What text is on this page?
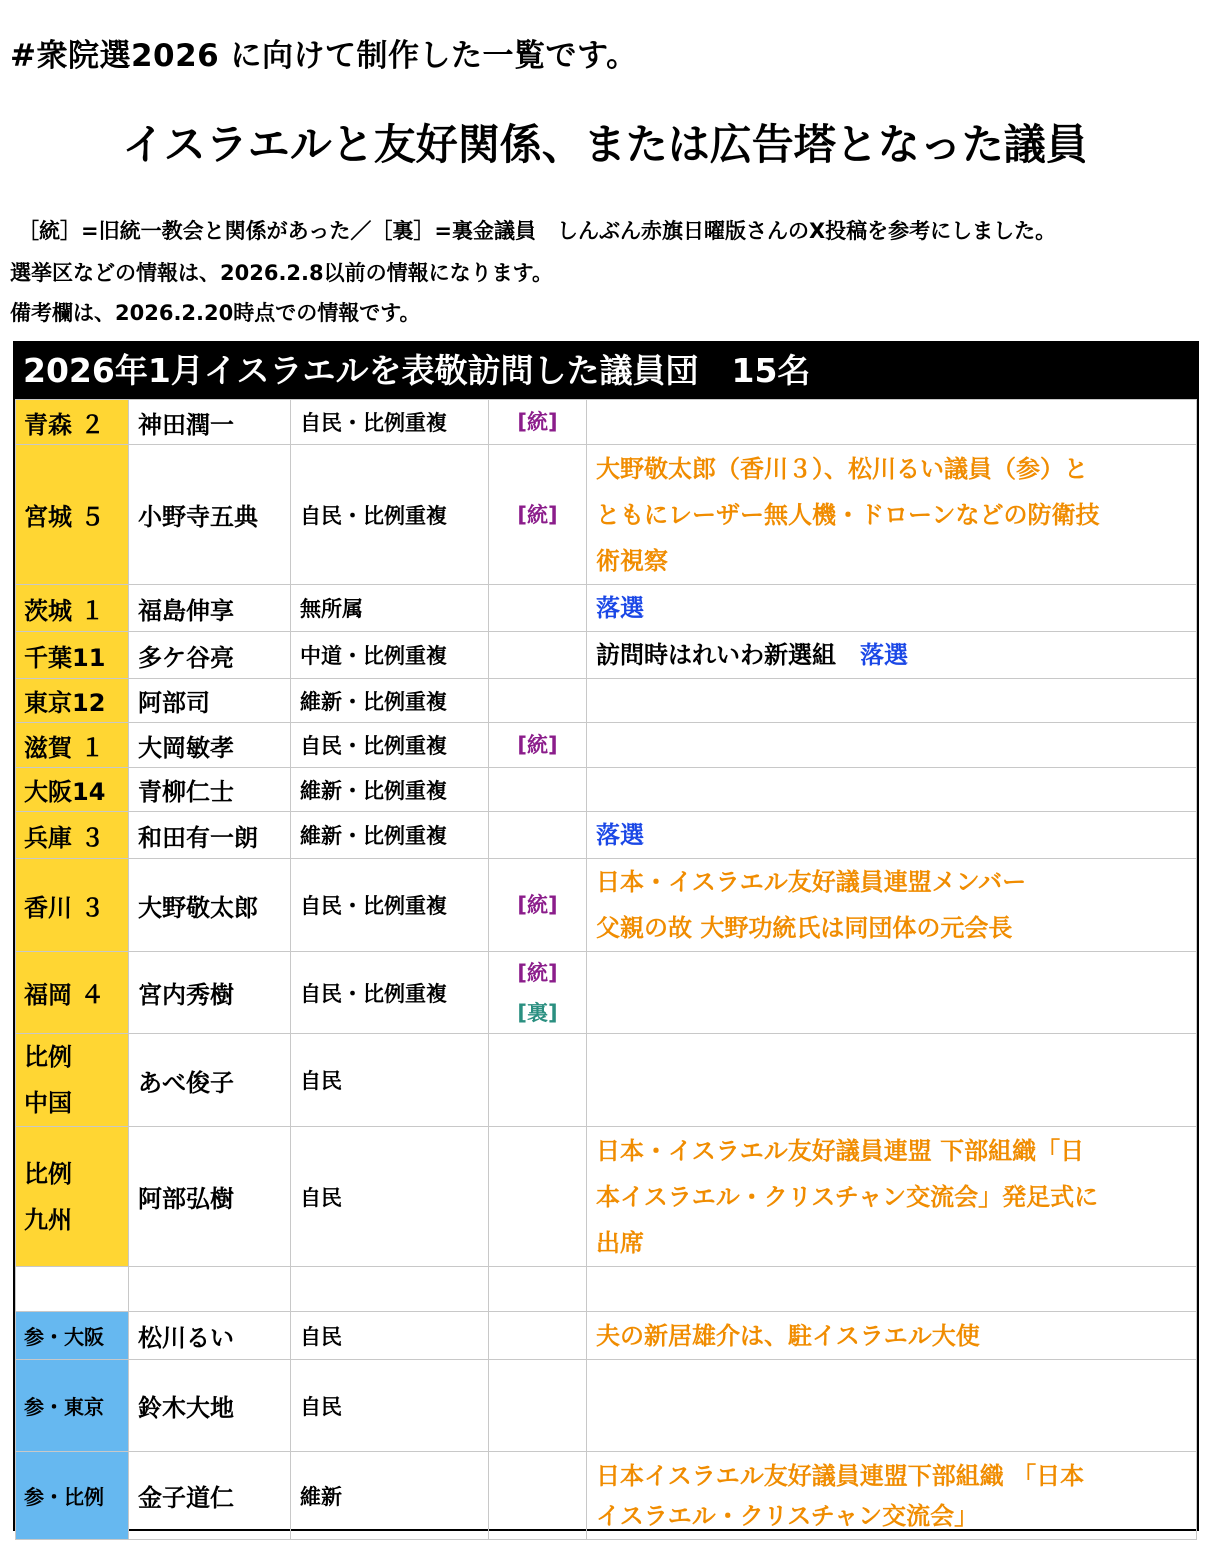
#衆院選2026 に向けて制作した一覧です。
イスラエルと友好関係、または広告塔となった議員
［統］=旧統一教会と関係があった／［裏］=裏金議員　しんぶん赤旗日曜版さんのX投稿を参考にしました。
選挙区などの情報は、2026.2.8以前の情報になります。
備考欄は、2026.2.20時点での情報です。
2026年1月イスラエルを表敬訪問した議員団　15名
青森 ２	神田潤一	自民・比例重複	[統]	

宮城 ５	小野寺五典	自民・比例重複	[統]	大野敬太郎（香川３）、松川るい議員（参）と
ともにレーザー無人機・ドローンなどの防衛技
術視察

茨城 １	福島伸享	無所属		落選
千葉11	多ケ谷亮	中道・比例重複		訪問時はれいわ新選組　落選
東京12	阿部司	維新・比例重複		
滋賀 １	大岡敏孝	自民・比例重複	[統]	

大阪14	青柳仁士	維新・比例重複		
兵庫 ３	和田有一朗	維新・比例重複		落選
香川 ３	大野敬太郎	自民・比例重複	[統]	日本・イスラエル友好議員連盟メンバー
父親の故 大野功統氏は同団体の元会長

福岡 ４	宮内秀樹	自民・比例重複	[統]
[裏]	

比例
中国	あべ俊子	自民		

比例
九州	阿部弘樹	自民		日本・イスラエル友好議員連盟 下部組織「日
本イスラエル・クリスチャン交流会」発足式に
出席

参・大阪	松川るい	自民		夫の新居雄介は、駐イスラエル大使
参・東京	鈴木大地	自民		
参・比例	金子道仁	維新		日本イスラエル友好議員連盟下部組織 「日本
イスラエル・クリスチャン交流会」
